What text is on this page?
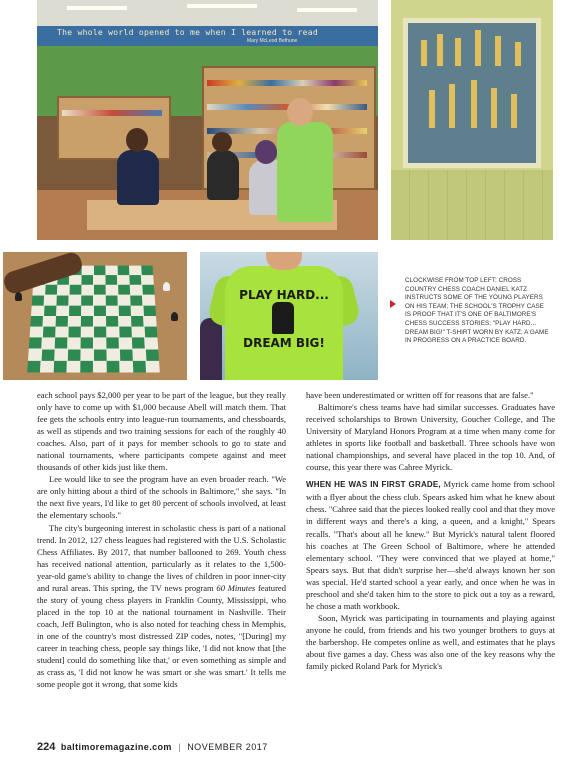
The whole world opened to me when I learned to read
Mary McLeod Bethune
PLAY HARD...
DREAM BIG!
CLOCKWISE FROM TOP LEFT: CROSS COUNTRY CHESS COACH DANIEL KATZ INSTRUCTS SOME OF THE YOUNG PLAYERS ON HIS TEAM; THE SCHOOL'S TROPHY CASE IS PROOF THAT IT'S ONE OF BALTIMORE'S CHESS SUCCESS STORIES; "PLAY HARD... DREAM BIG!" T-SHIRT WORN BY KATZ; A GAME IN PROGRESS ON A PRACTICE BOARD.

each school pays $2,000 per year to be part of the league, but they really only have to come up with $1,000 because Abell will match them. That fee gets the schools entry into league-run tournaments, and chessboards, as well as stipends and two training sessions for each of the roughly 40 coaches. Also, part of it pays for member schools to go to state and national tournaments, where participants compete against and meet thousands of other kids just like them.

Lee would like to see the program have an even broader reach. "We are only hitting about a third of the schools in Baltimore," she says. "In the next five years, I'd like to get 80 percent of schools involved, at least the elementary schools."

The city's burgeoning interest in scholastic chess is part of a national trend. In 2012, 127 chess leagues had registered with the U.S. Scholastic Chess Affiliates. By 2017, that number ballooned to 269. Youth chess has received national attention, particularly as it relates to the 1,500-year-old game's ability to change the lives of children in poor inner-city and rural areas. This spring, the TV news program 60 Minutes featured the story of young chess players in Franklin County, Mississippi, who placed in the top 10 at the national tournament in Nashville. Their coach, Jeff Bulington, who is also noted for teaching chess in Memphis, in one of the country's most distressed ZIP codes, notes, "[During] my career in teaching chess, people say things like, 'I did not know that [the student] could do something like that,' or even something as simple and as crass as, 'I did not know he was smart or she was smart.' It tells me some people got it wrong, that some kids

have been underestimated or written off for reasons that are false."

Baltimore's chess teams have had similar successes. Graduates have received scholarships to Brown University, Goucher College, and The University of Maryland Honors Program at a time when many come for athletes in sports like football and basketball. Three schools have won national championships, and several have placed in the top 10. And, of course, this year there was Cahree Myrick.

WHEN HE WAS IN FIRST GRADE, Myrick came home from school with a flyer about the chess club. Spears asked him what he knew about chess. "Cahree said that the pieces looked really cool and that they move in different ways and there's a king, a queen, and a knight," Spears recalls. "That's about all he knew." But Myrick's natural talent floored his coaches at The Green School of Baltimore, where he attended elementary school. "They were convinced that we played at home," Spears says. But that didn't surprise her—she'd always known her son was special. He'd started school a year early, and once when he was in preschool and she'd taken him to the store to pick out a toy as a reward, he chose a math workbook.

Soon, Myrick was participating in tournaments and playing against anyone he could, from friends and his two younger brothers to guys at the barbershop. He competes online as well, and estimates that he plays about five games a day. Chess was also one of the key reasons why the family picked Roland Park for Myrick's

224 baltimoremagazine.com | NOVEMBER 2017
